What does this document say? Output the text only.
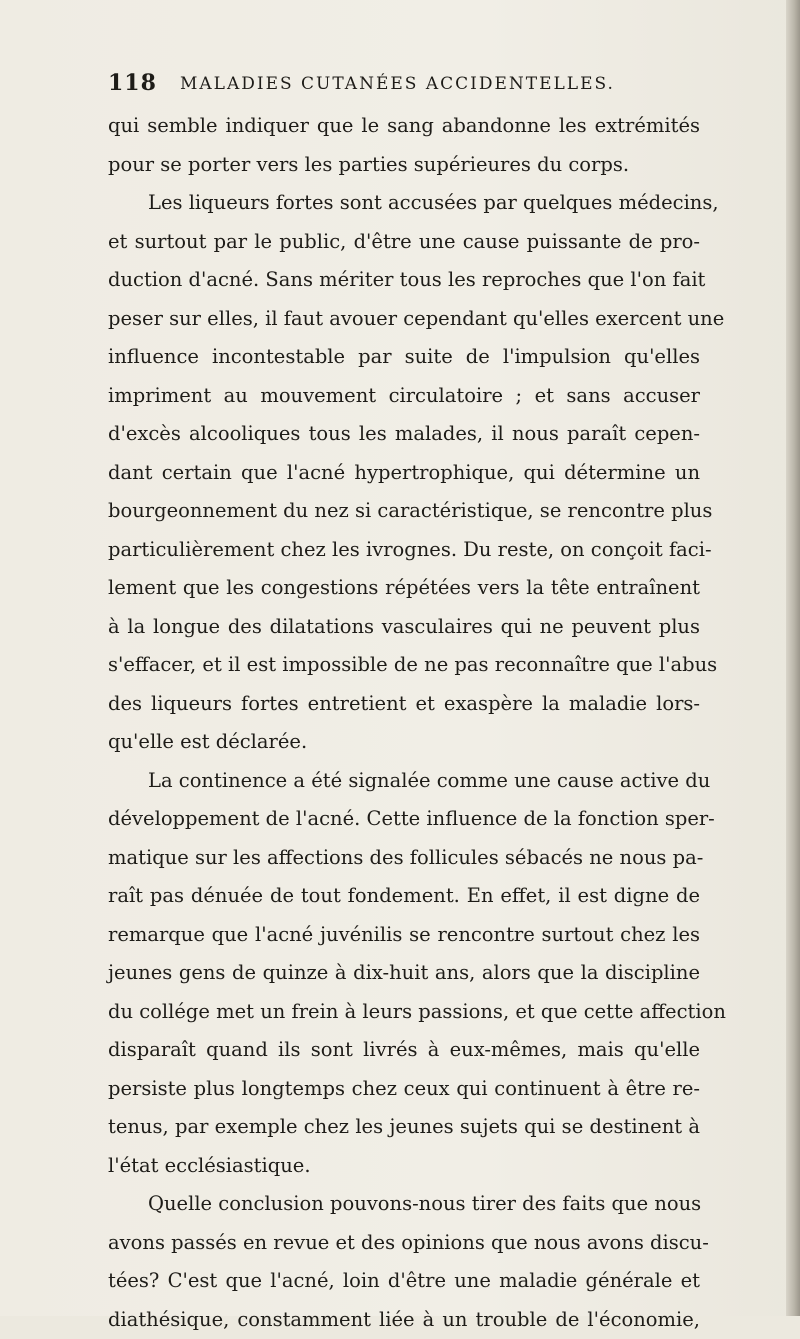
118 MALADIES CUTANÉES ACCIDENTELLES.
qui semble indiquer que le sang abandonne les extrémités
pour se porter vers les parties supérieures du corps.
Les liqueurs fortes sont accusées par quelques médecins,
et surtout par le public, d'être une cause puissante de pro-
duction d'acné. Sans mériter tous les reproches que l'on fait
peser sur elles, il faut avouer cependant qu'elles exercent une
influence incontestable par suite de l'impulsion qu'elles
impriment au mouvement circulatoire ; et sans accuser
d'excès alcooliques tous les malades, il nous paraît cepen-
dant certain que l'acné hypertrophique, qui détermine un
bourgeonnement du nez si caractéristique, se rencontre plus
particulièrement chez les ivrognes. Du reste, on conçoit faci-
lement que les congestions répétées vers la tête entraînent
à la longue des dilatations vasculaires qui ne peuvent plus
s'effacer, et il est impossible de ne pas reconnaître que l'abus
des liqueurs fortes entretient et exaspère la maladie lors-
qu'elle est déclarée.
La continence a été signalée comme une cause active du
développement de l'acné. Cette influence de la fonction sper-
matique sur les affections des follicules sébacés ne nous pa-
raît pas dénuée de tout fondement. En effet, il est digne de
remarque que l'acné juvénilis se rencontre surtout chez les
jeunes gens de quinze à dix-huit ans, alors que la discipline
du collége met un frein à leurs passions, et que cette affection
disparaît quand ils sont livrés à eux-mêmes, mais qu'elle
persiste plus longtemps chez ceux qui continuent à être re-
tenus, par exemple chez les jeunes sujets qui se destinent à
l'état ecclésiastique.
Quelle conclusion pouvons-nous tirer des faits que nous
avons passés en revue et des opinions que nous avons discu-
tées? C'est que l'acné, loin d'être une maladie générale et
diathésique, constamment liée à un trouble de l'économie,
